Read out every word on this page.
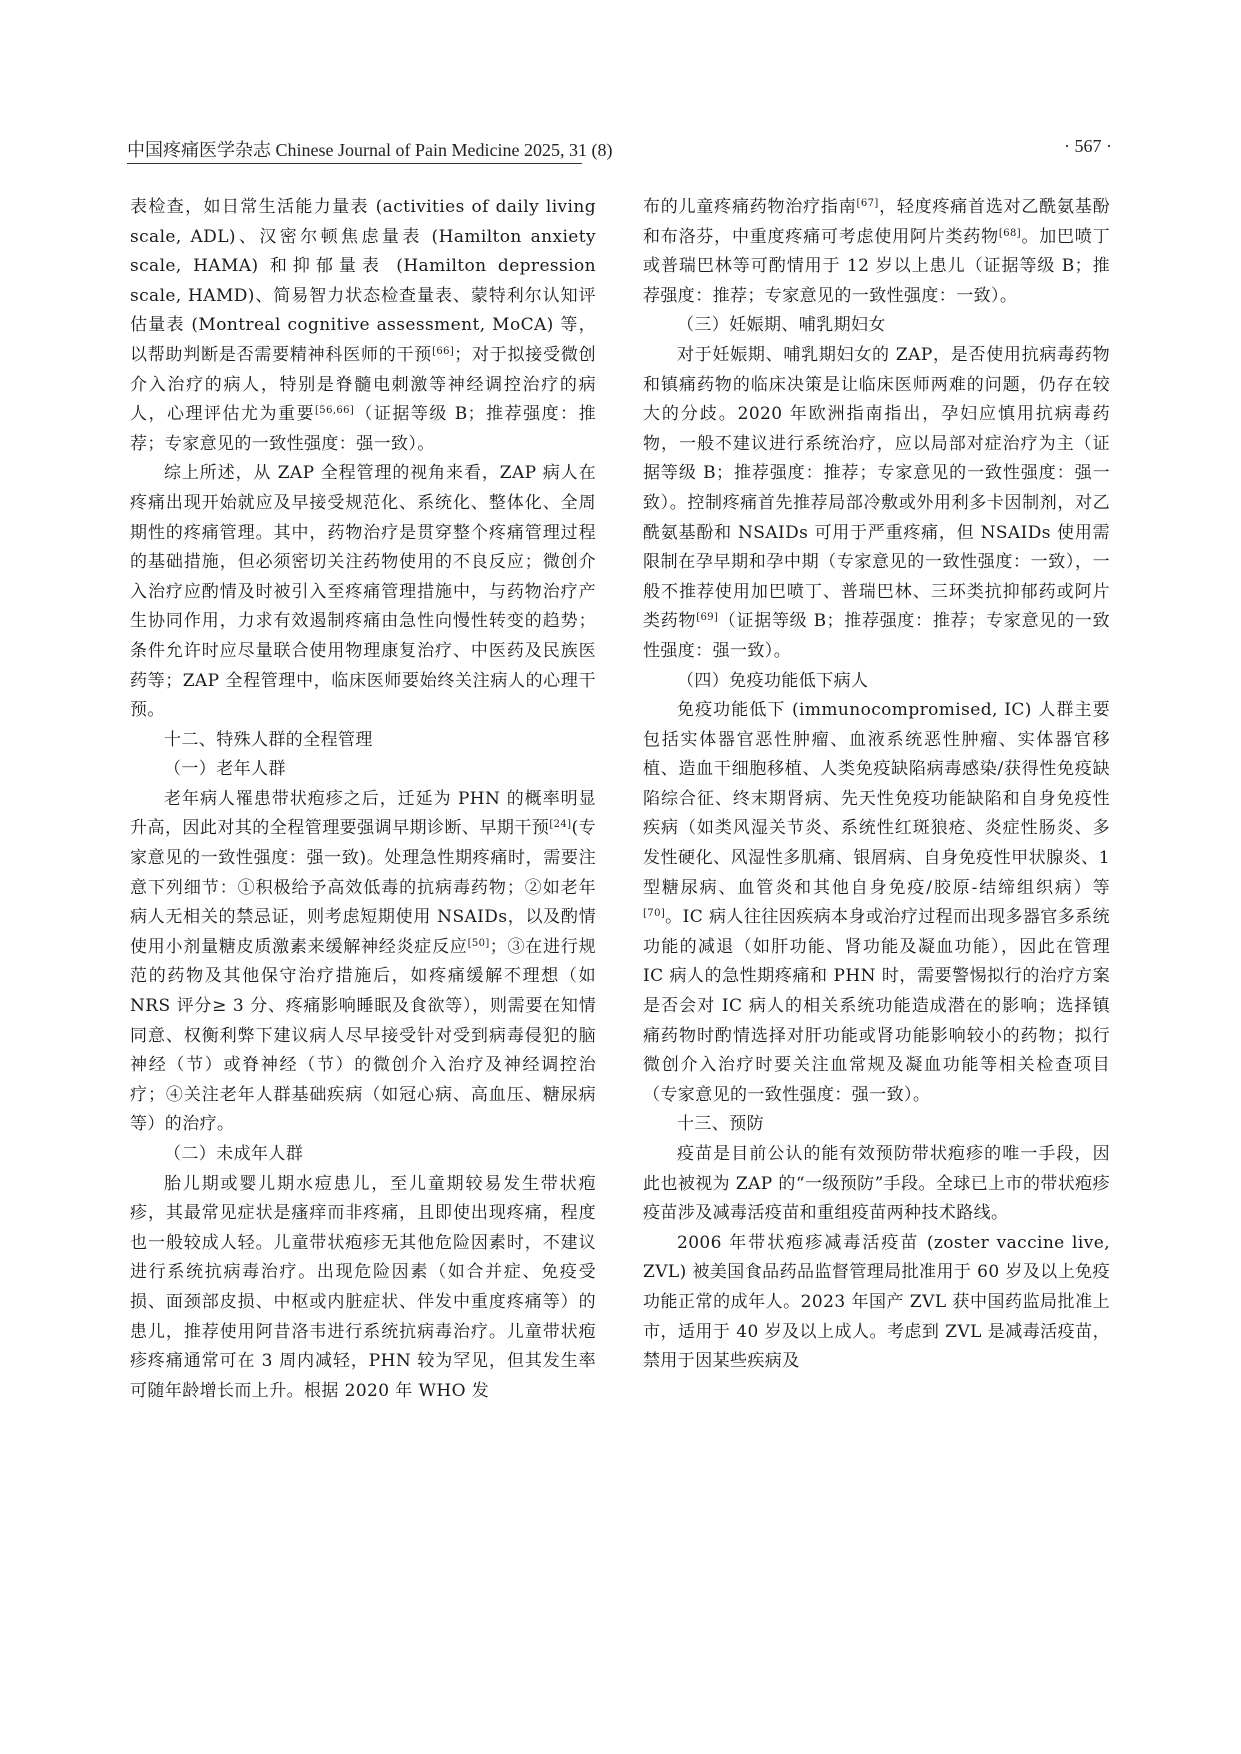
中国疼痛医学杂志 Chinese Journal of Pain Medicine 2025, 31 (8)	· 567 ·

表检查，如日常生活能力量表 (activities of daily living scale, ADL)、汉密尔顿焦虑量表 (Hamilton anxiety scale, HAMA) 和抑郁量表 (Hamilton depression scale, HAMD)、简易智力状态检查量表、蒙特利尔认知评估量表 (Montreal cognitive assessment, MoCA) 等，以帮助判断是否需要精神科医师的干预[66]；对于拟接受微创介入治疗的病人，特别是脊髓电刺激等神经调控治疗的病人，心理评估尤为重要[56,66]（证据等级 B；推荐强度：推荐；专家意见的一致性强度：强一致）。

综上所述，从 ZAP 全程管理的视角来看，ZAP 病人在疼痛出现开始就应及早接受规范化、系统化、整体化、全周期性的疼痛管理。其中，药物治疗是贯穿整个疼痛管理过程的基础措施，但必须密切关注药物使用的不良反应；微创介入治疗应酌情及时被引入至疼痛管理措施中，与药物治疗产生协同作用，力求有效遏制疼痛由急性向慢性转变的趋势；条件允许时应尽量联合使用物理康复治疗、中医药及民族医药等；ZAP 全程管理中，临床医师要始终关注病人的心理干预。

十二、特殊人群的全程管理

（一）老年人群

老年病人罹患带状疱疹之后，迁延为 PHN 的概率明显升高，因此对其的全程管理要强调早期诊断、早期干预[24](专家意见的一致性强度：强一致)。处理急性期疼痛时，需要注意下列细节：①积极给予高效低毒的抗病毒药物；②如老年病人无相关的禁忌证，则考虑短期使用 NSAIDs，以及酌情使用小剂量糖皮质激素来缓解神经炎症反应[50]；③在进行规范的药物及其他保守治疗措施后，如疼痛缓解不理想（如 NRS 评分≥ 3 分、疼痛影响睡眠及食欲等），则需要在知情同意、权衡利弊下建议病人尽早接受针对受到病毒侵犯的脑神经（节）或脊神经（节）的微创介入治疗及神经调控治疗；④关注老年人群基础疾病（如冠心病、高血压、糖尿病等）的治疗。

（二）未成年人群

胎儿期或婴儿期水痘患儿，至儿童期较易发生带状疱疹，其最常见症状是瘙痒而非疼痛，且即使出现疼痛，程度也一般较成人轻。儿童带状疱疹无其他危险因素时，不建议进行系统抗病毒治疗。出现危险因素（如合并症、免疫受损、面颈部皮损、中枢或内脏症状、伴发中重度疼痛等）的患儿，推荐使用阿昔洛韦进行系统抗病毒治疗。儿童带状疱疹疼痛通常可在 3 周内减轻，PHN 较为罕见，但其发生率可随年龄增长而上升。根据 2020 年 WHO 发

布的儿童疼痛药物治疗指南[67]，轻度疼痛首选对乙酰氨基酚和布洛芬，中重度疼痛可考虑使用阿片类药物[68]。加巴喷丁或普瑞巴林等可酌情用于 12 岁以上患儿（证据等级 B；推荐强度：推荐；专家意见的一致性强度：一致）。

（三）妊娠期、哺乳期妇女

对于妊娠期、哺乳期妇女的 ZAP，是否使用抗病毒药物和镇痛药物的临床决策是让临床医师两难的问题，仍存在较大的分歧。2020 年欧洲指南指出，孕妇应慎用抗病毒药物，一般不建议进行系统治疗，应以局部对症治疗为主（证据等级 B；推荐强度：推荐；专家意见的一致性强度：强一致）。控制疼痛首先推荐局部冷敷或外用利多卡因制剂，对乙酰氨基酚和 NSAIDs 可用于严重疼痛，但 NSAIDs 使用需限制在孕早期和孕中期（专家意见的一致性强度：一致），一般不推荐使用加巴喷丁、普瑞巴林、三环类抗抑郁药或阿片类药物[69]（证据等级 B；推荐强度：推荐；专家意见的一致性强度：强一致）。

（四）免疫功能低下病人

免疫功能低下 (immunocompromised, IC) 人群主要包括实体器官恶性肿瘤、血液系统恶性肿瘤、实体器官移植、造血干细胞移植、人类免疫缺陷病毒感染/获得性免疫缺陷综合征、终末期肾病、先天性免疫功能缺陷和自身免疫性疾病（如类风湿关节炎、系统性红斑狼疮、炎症性肠炎、多发性硬化、风湿性多肌痛、银屑病、自身免疫性甲状腺炎、1 型糖尿病、血管炎和其他自身免疫/胶原-结缔组织病）等[70]。IC 病人往往因疾病本身或治疗过程而出现多器官多系统功能的减退（如肝功能、肾功能及凝血功能），因此在管理 IC 病人的急性期疼痛和 PHN 时，需要警惕拟行的治疗方案是否会对 IC 病人的相关系统功能造成潜在的影响；选择镇痛药物时酌情选择对肝功能或肾功能影响较小的药物；拟行微创介入治疗时要关注血常规及凝血功能等相关检查项目（专家意见的一致性强度：强一致）。

十三、预防

疫苗是目前公认的能有效预防带状疱疹的唯一手段，因此也被视为 ZAP 的“一级预防”手段。全球已上市的带状疱疹疫苗涉及减毒活疫苗和重组疫苗两种技术路线。

2006 年带状疱疹减毒活疫苗 (zoster vaccine live, ZVL) 被美国食品药品监督管理局批准用于 60 岁及以上免疫功能正常的成年人。2023 年国产 ZVL 获中国药监局批准上市，适用于 40 岁及以上成人。考虑到 ZVL 是减毒活疫苗，禁用于因某些疾病及
